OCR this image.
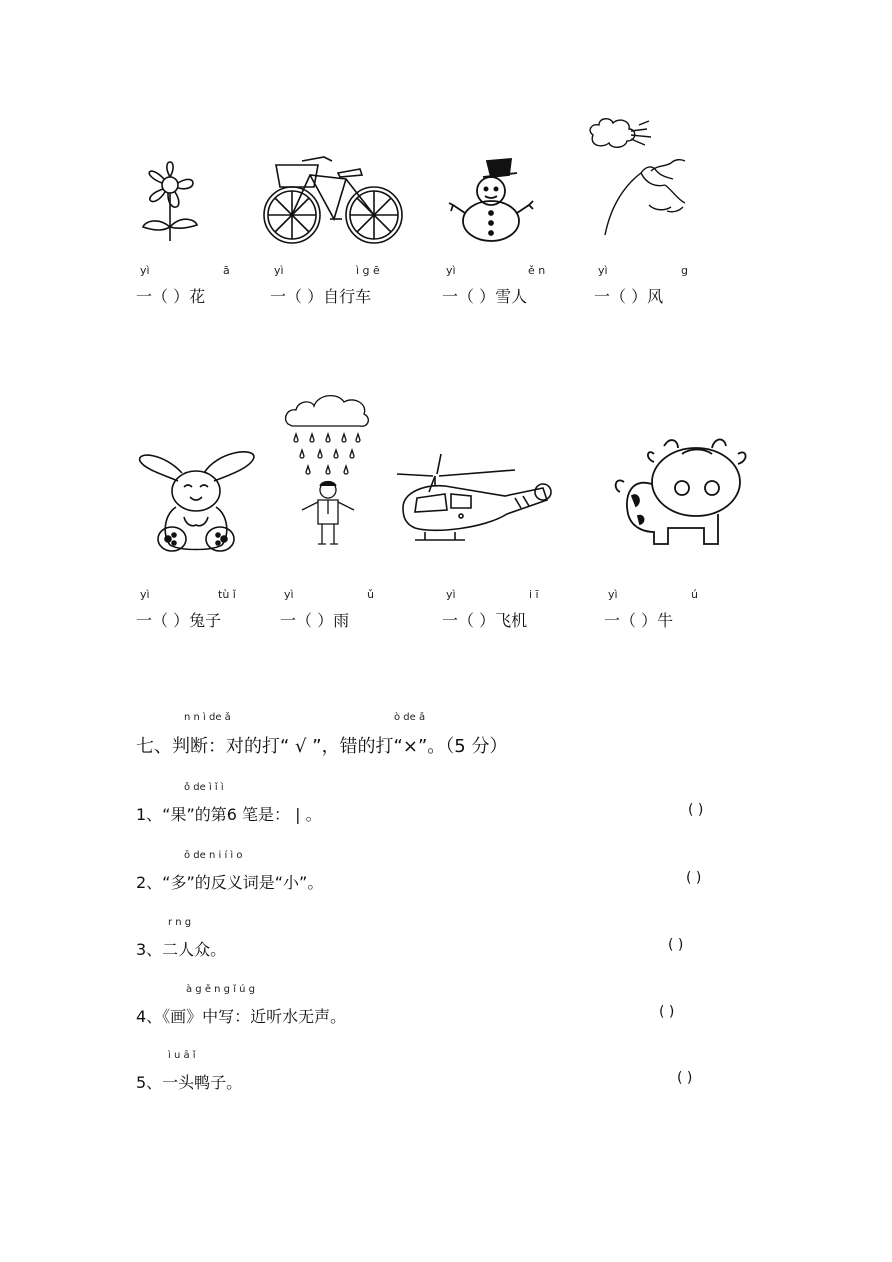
yì	ā	yì	ì g ē	yì	ě n	yì	g
一（ ）花	一（ ）自行车	一（ ）雪人	一（ ）风
yì	tù ǐ	yì	ǔ	yì	i ī	yì	ú
一（ ）兔子	一（ ）雨	一（ ）飞机	一（ ）牛
n n ì de ǎ	ò de ǎ
七、判断：对的打“ √ ”，错的打“×”。（5 分）
ǒ de ì ǐ ì
1、“果”的第6 笔是： | 。	( )
ō de n i í ì o
2、“多”的反义词是“小”。	( )
r n g
3、二人众。	( )
à g ě n g ǐ ú g
4、《画》中写：近听水无声。	( )
ì u ā ǐ
5、一头鸭子。	( )
